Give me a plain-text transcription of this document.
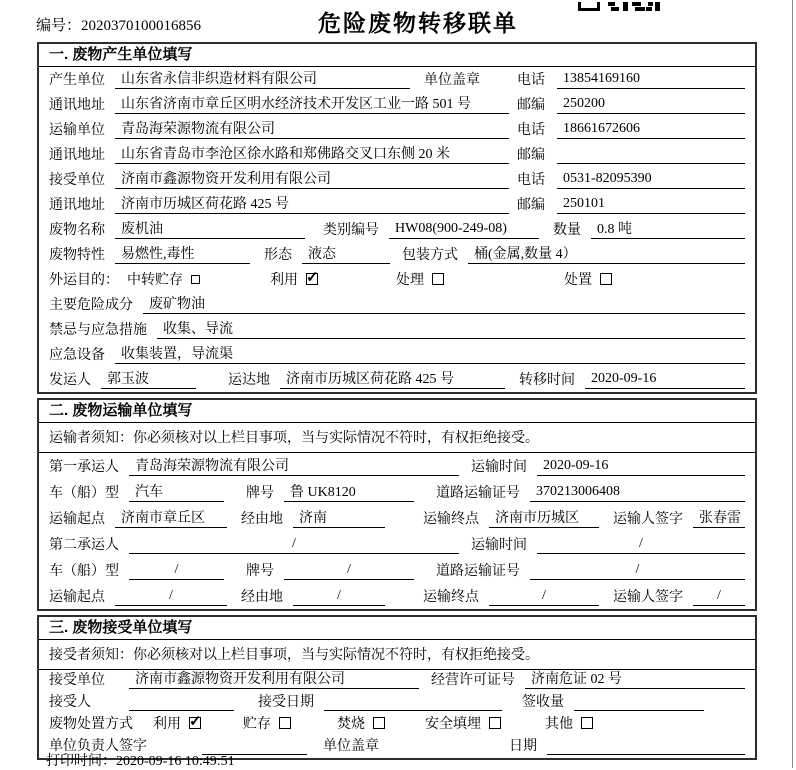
编号：2020370100016856	危险废物转移联单
一. 废物产生单位填写
产生单位	山东省永信非织造材料有限公司	单位盖章	电话	13854169160
通讯地址	山东省济南市章丘区明水经济技术开发区工业一路 501 号	邮编	250200
运输单位	青岛海荣源物流有限公司	电话	18661672606
通讯地址	山东省青岛市李沧区徐水路和郑佛路交叉口东侧 20 米	邮编
接受单位	济南市鑫源物资开发利用有限公司	电话	0531-82095390
通讯地址	济南市历城区荷花路 425 号	邮编	250101
废物名称	废机油	类别编号	HW08(900-249-08)	数量	0.8 吨
废物特性	易燃性,毒性	形态	液态	包装方式	桶(金属,数量 4）
外运目的： 中转贮存	利用 ✓	处理	处置
主要危险成分	废矿物油
禁忌与应急措施	收集、导流
应急设备	收集装置，导流渠
发运人	郭玉波	运达地	济南市历城区荷花路 425 号	转移时间	2020-09-16
二. 废物运输单位填写
运输者须知：你必须核对以上栏目事项，当与实际情况不符时，有权拒绝接受。
第一承运人	青岛海荣源物流有限公司	运输时间	2020-09-16
车（船）型	汽车	牌号	鲁 UK8120	道路运输证号	370213006408
运输起点	济南市章丘区	经由地	济南	运输终点	济南市历城区	运输人签字	张春雷
第二承运人	/	运输时间	/
车（船）型	/	牌号	/	道路运输证号	/
运输起点	/	经由地	/	运输终点	/	运输人签字	/
三. 废物接受单位填写
接受者须知：你必须核对以上栏目事项，当与实际情况不符时，有权拒绝接受。
接受单位	济南市鑫源物资开发利用有限公司	经营许可证号	济南危证 02 号
接受人	接受日期	签收量
废物处置方式 利用 ✓	贮存	焚烧	安全填埋	其他
单位负责人签字	单位盖章	日期
打印时间：2020-09-16 10:49:51
